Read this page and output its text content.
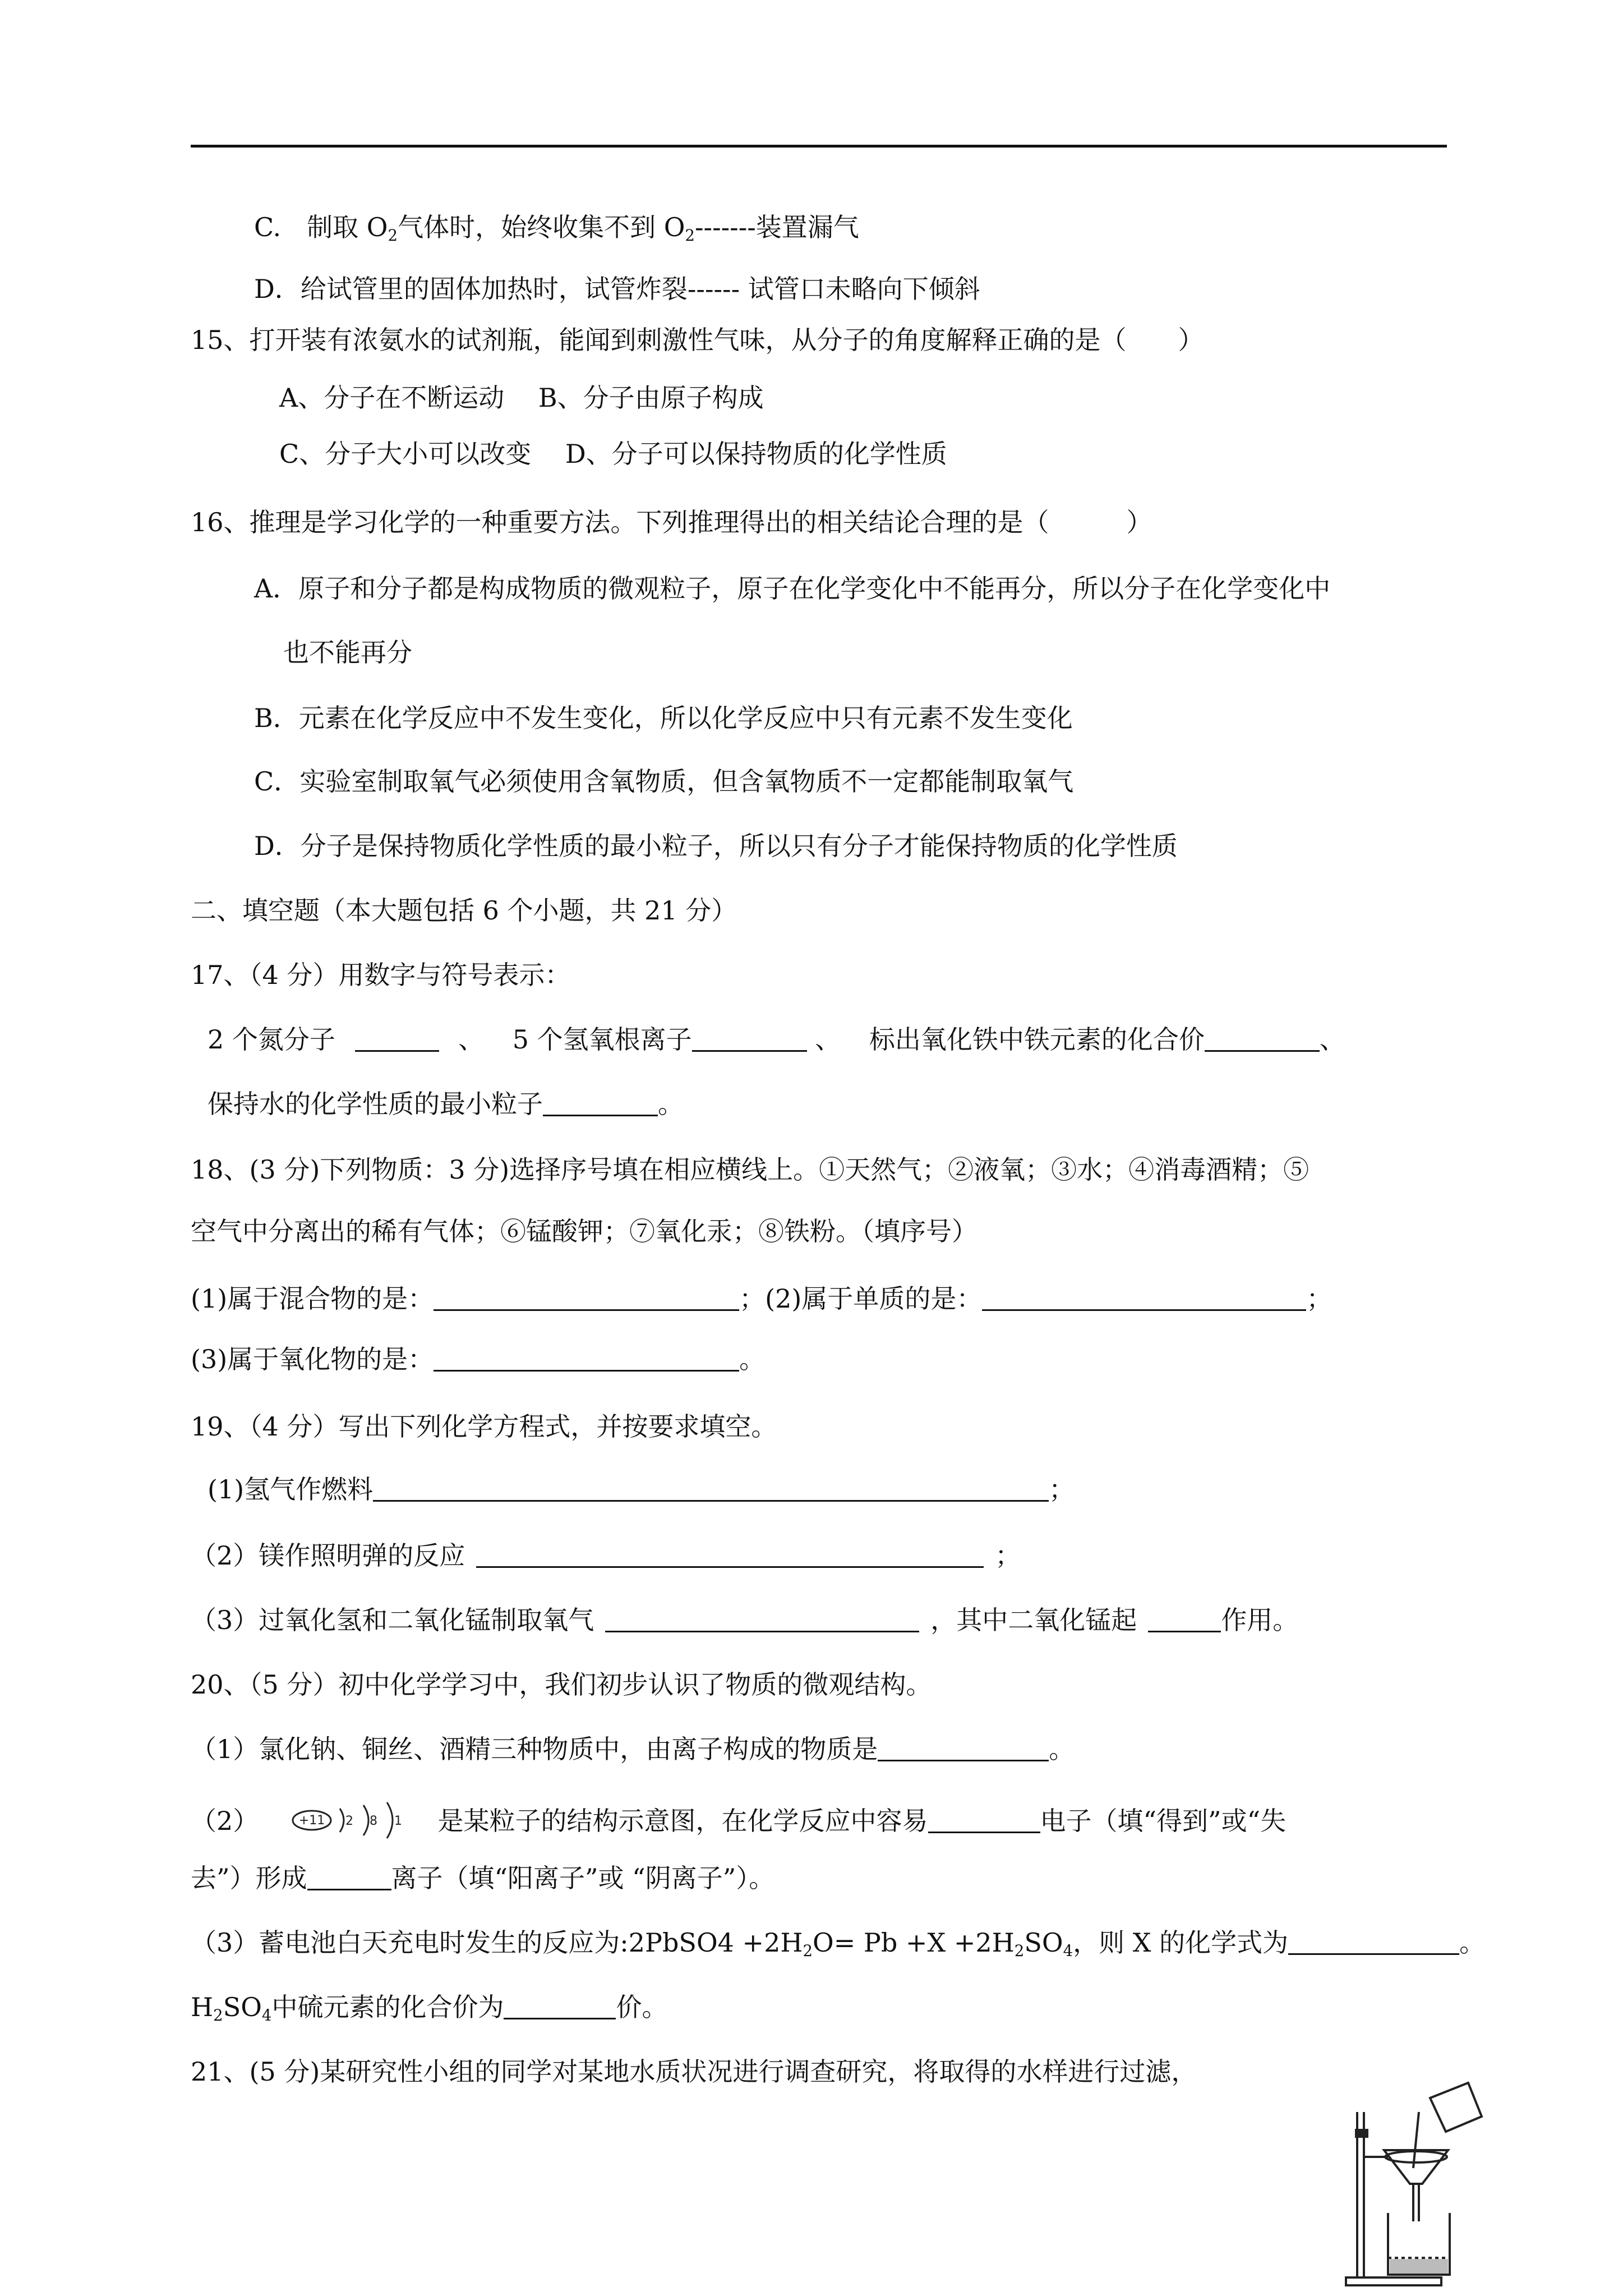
C.　制取 $O_2$气体时，始终收集不到 $O_2-------$装置漏气
D．给试管里的固体加热时，试管炸裂------ 试管口未略向下倾斜
15、打开装有浓氨水的试剂瓶，能闻到刺激性气味，从分子的角度解释正确的是（　　）
A、分子在不断运动　 B、分子由原子构成
C、分子大小可以改变　 D、分子可以保持物质的化学性质
16、推理是学习化学的一种重要方法。下列推理得出的相关结论合理的是（　　　）
A．原子和分子都是构成物质的微观粒子，原子在化学变化中不能再分，所以分子在化学变化中
也不能再分
B．元素在化学反应中不发生变化，所以化学反应中只有元素不发生变化
C．实验室制取氧气必须使用含氧物质，但含氧物质不一定都能制取氧气
D．分子是保持物质化学性质的最小粒子，所以只有分子才能保持物质的化学性质
二、填空题（本大题包括 6 个小题，共 21 分）
17、（4 分）用数字与符号表示：
2 个氮分子	、 5 个氢氧根离子	、 标出氧化铁中铁元素的化合价	、
保持水的化学性质的最小粒子	。
18、(3 分)下列物质：3 分)选择序号填在相应横线上。①天然气；②液氧；③水；④消毒酒精；⑤
空气中分离出的稀有气体；⑥锰酸钾；⑦氧化汞；⑧铁粉。（填序号）
(1)属于混合物的是：	；(2)属于单质的是：	；
(3)属于氧化物的是：	。
19、（4 分）写出下列化学方程式，并按要求填空。
(1)氢气作燃料	；
（2）镁作照明弹的反应	；
（3）过氧化氢和二氧化锰制取氧气	，其中二氧化锰起	作用。
20、（5 分）初中化学学习中，我们初步认识了物质的微观结构。
（1）氯化钠、铜丝、酒精三种物质中，由离子构成的物质是	。
（2）	+11 2 8 1 是某粒子的结构示意图，在化学反应中容易	电子（填“得到”或“失
去”）形成	离子（填“阳离子”或 “阴离子”）。
（3）蓄电池白天充电时发生的反应为:2PbSO4 $+2H_2O= Pb +X +2H_2SO_4$，则 X 的化学式为	。
$H_2SO_4$中硫元素的化合价为	价。
21、(5 分)某研究性小组的同学对某地水质状况进行调查研究，将取得的水样进行过滤，
